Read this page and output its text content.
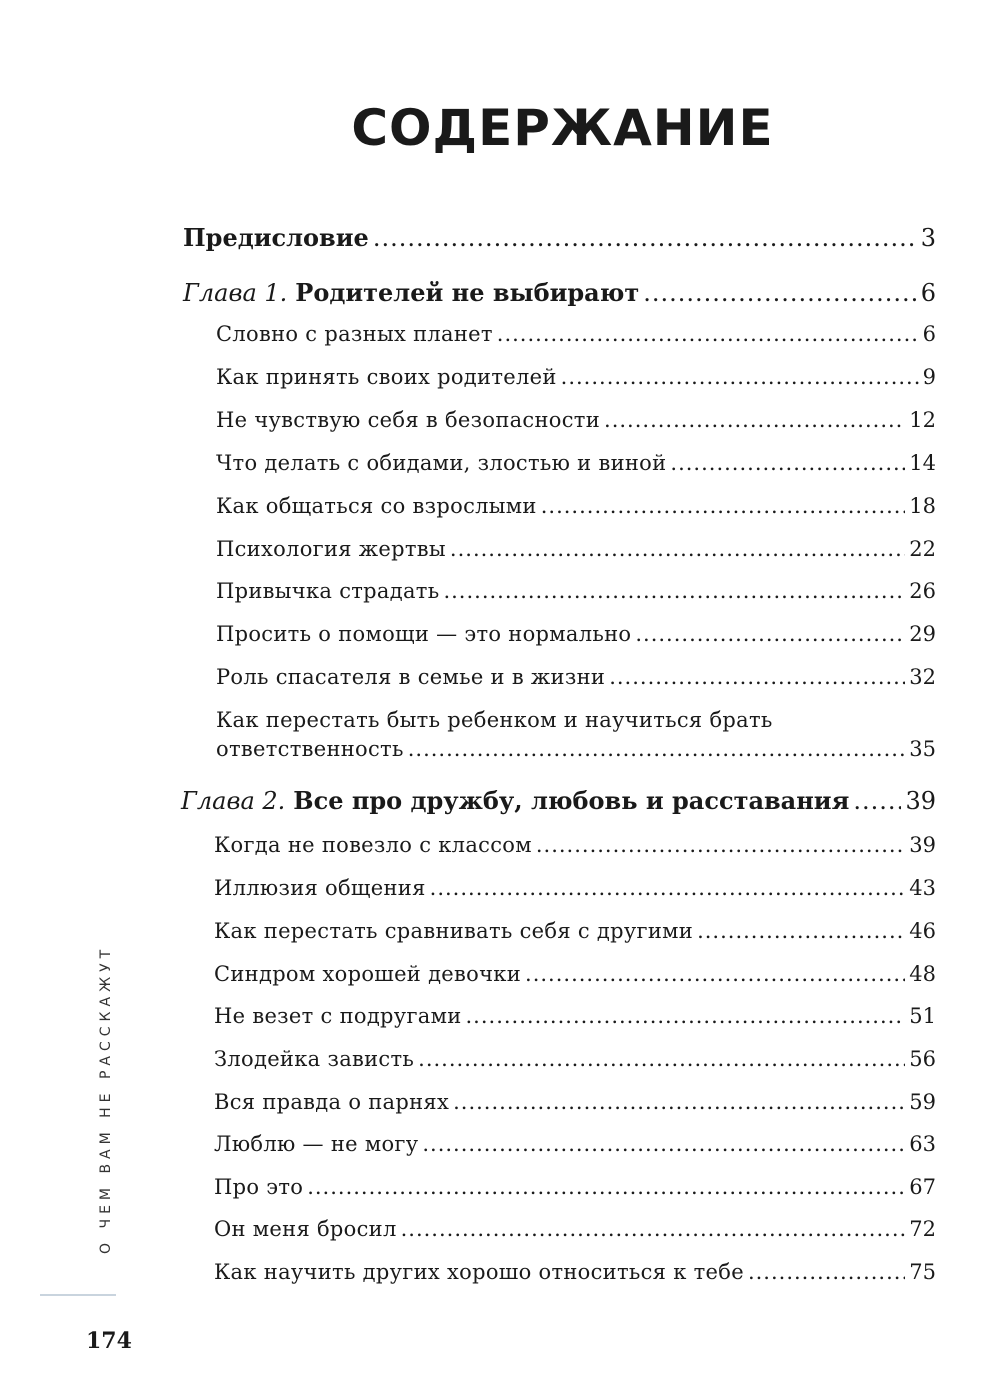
СОДЕРЖАНИЕ
Предисловие .....	3
Глава 1. Родителей не выбирают .....	6
Словно с разных планет .....	6
Как принять своих родителей .....	9
Не чувствую себя в безопасности .....	12
Что делать с обидами, злостью и виной .....	14
Как общаться со взрослыми .....	18
Психология жертвы .....	22
Привычка страдать .....	26
Просить о помощи — это нормально .....	29
Роль спасателя в семье и в жизни .....	32
Как перестать быть ребенком и научиться брать
ответственность .....	35
Глава 2. Все про дружбу, любовь и расставания ..... 39
Когда не повезло с классом .....	39
Иллюзия общения .....	43
Как перестать сравнивать себя с другими .....	46
Синдром хорошей девочки .....	48
Не везет с подругами .....	51
Злодейка зависть .....	56
Вся правда о парнях .....	59
Люблю — не могу .....	63
Про это .....	67
Он меня бросил .....	72
Как научить других хорошо относиться к тебе .....	75
О ЧЕМ ВАМ НЕ РАССКАЖУТ
174
